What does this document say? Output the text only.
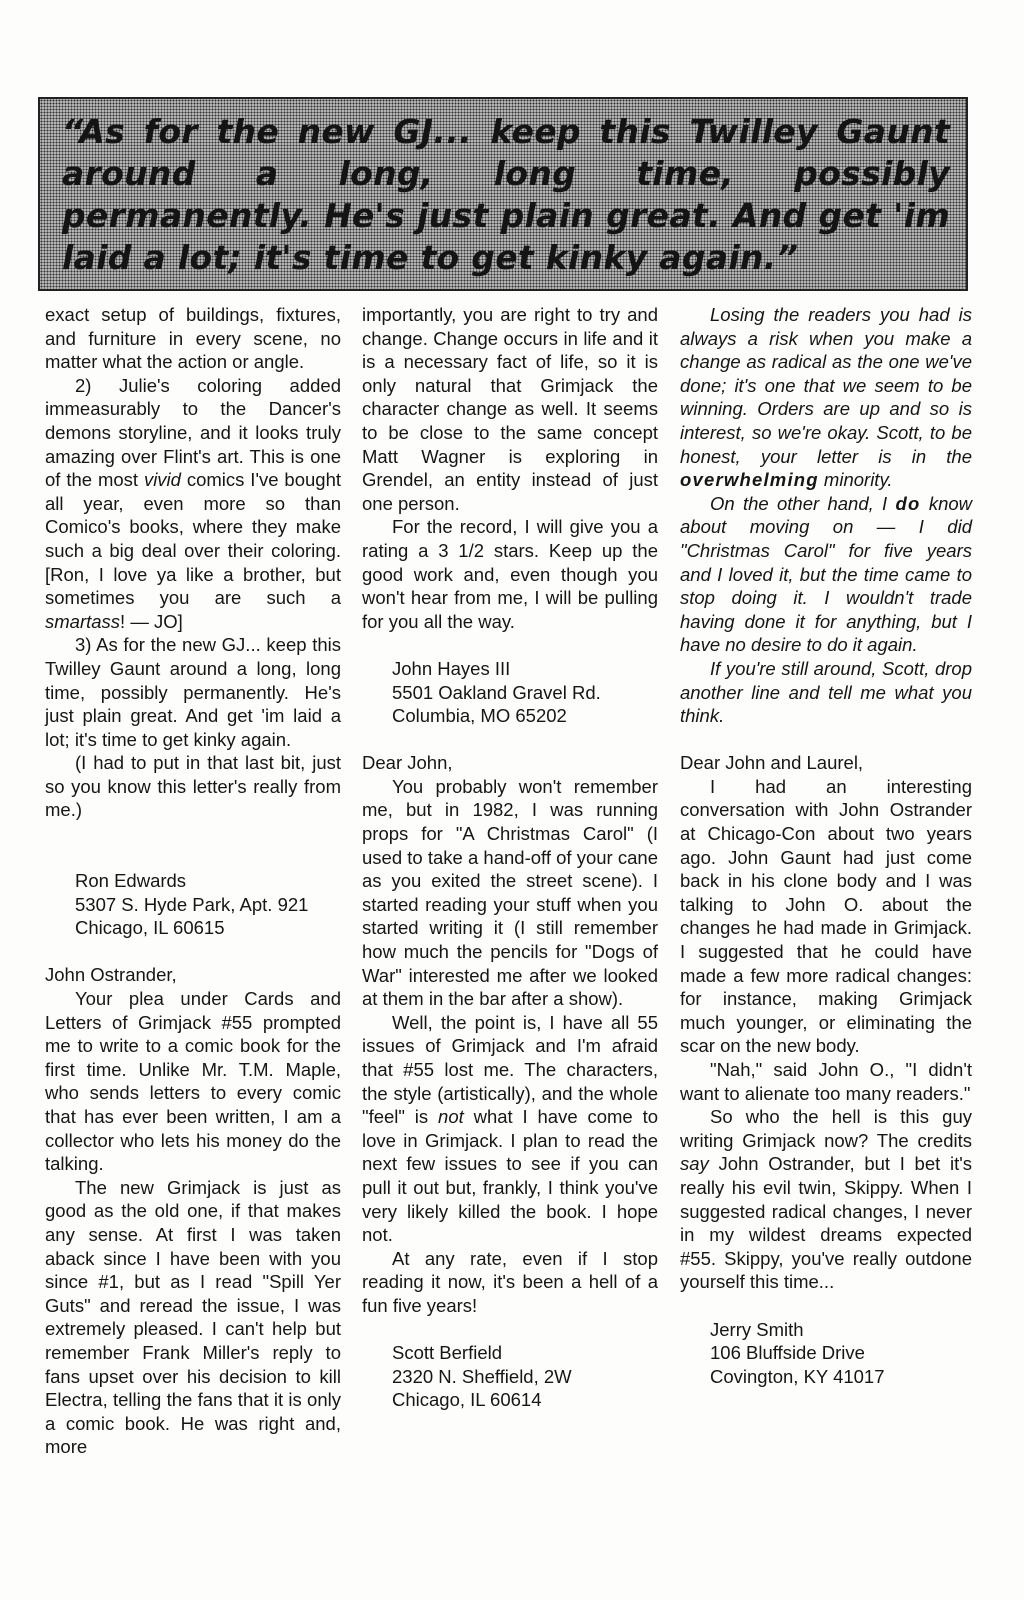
“As for the new GJ... keep this Twilley Gaunt around a long, long time, possibly permanently. He's just plain great. And get 'im laid a lot; it's time to get kinky again.”

exact setup of buildings, fixtures, and furniture in every scene, no matter what the action or angle.

2) Julie's coloring added immeasurably to the Dancer's demons storyline, and it looks truly amazing over Flint's art. This is one of the most vivid comics I've bought all year, even more so than Comico's books, where they make such a big deal over their coloring. [Ron, I love ya like a brother, but sometimes you are such a smartass! — JO]

3) As for the new GJ... keep this Twilley Gaunt around a long, long time, possibly permanently. He's just plain great. And get 'im laid a lot; it's time to get kinky again.

(I had to put in that last bit, just so you know this letter's really from me.)

Ron Edwards

5307 S. Hyde Park, Apt. 921

Chicago, IL 60615

John Ostrander,

Your plea under Cards and Letters of Grimjack #55 prompted me to write to a comic book for the first time. Unlike Mr. T.M. Maple, who sends letters to every comic that has ever been written, I am a collector who lets his money do the talking.

The new Grimjack is just as good as the old one, if that makes any sense. At first I was taken aback since I have been with you since #1, but as I read "Spill Yer Guts" and reread the issue, I was extremely pleased. I can't help but remember Frank Miller's reply to fans upset over his decision to kill Electra, telling the fans that it is only a comic book. He was right and, more

importantly, you are right to try and change. Change occurs in life and it is a necessary fact of life, so it is only natural that Grimjack the character change as well. It seems to be close to the same concept Matt Wagner is exploring in Grendel, an entity instead of just one person.

For the record, I will give you a rating a 3 1/2 stars. Keep up the good work and, even though you won't hear from me, I will be pulling for you all the way.

John Hayes III

5501 Oakland Gravel Rd.

Columbia, MO 65202

Dear John,

You probably won't remember me, but in 1982, I was running props for "A Christmas Carol" (I used to take a hand-off of your cane as you exited the street scene). I started reading your stuff when you started writing it (I still remember how much the pencils for "Dogs of War" interested me after we looked at them in the bar after a show).

Well, the point is, I have all 55 issues of Grimjack and I'm afraid that #55 lost me. The characters, the style (artistically), and the whole "feel" is not what I have come to love in Grimjack. I plan to read the next few issues to see if you can pull it out but, frankly, I think you've very likely killed the book. I hope not.

At any rate, even if I stop reading it now, it's been a hell of a fun five years!

Scott Berfield

2320 N. Sheffield, 2W

Chicago, IL 60614

Losing the readers you had is always a risk when you make a change as radical as the one we've done; it's one that we seem to be winning. Orders are up and so is interest, so we're okay. Scott, to be honest, your letter is in the overwhelming minority.

On the other hand, I do know about moving on — I did "Christmas Carol" for five years and I loved it, but the time came to stop doing it. I wouldn't trade having done it for anything, but I have no desire to do it again.

If you're still around, Scott, drop another line and tell me what you think.

Dear John and Laurel,

I had an interesting conversation with John Ostrander at Chicago-Con about two years ago. John Gaunt had just come back in his clone body and I was talking to John O. about the changes he had made in Grimjack. I suggested that he could have made a few more radical changes: for instance, making Grimjack much younger, or eliminating the scar on the new body.

"Nah," said John O., "I didn't want to alienate too many readers."

So who the hell is this guy writing Grimjack now? The credits say John Ostrander, but I bet it's really his evil twin, Skippy. When I suggested radical changes, I never in my wildest dreams expected #55. Skippy, you've really outdone yourself this time...

Jerry Smith

106 Bluffside Drive

Covington, KY 41017
